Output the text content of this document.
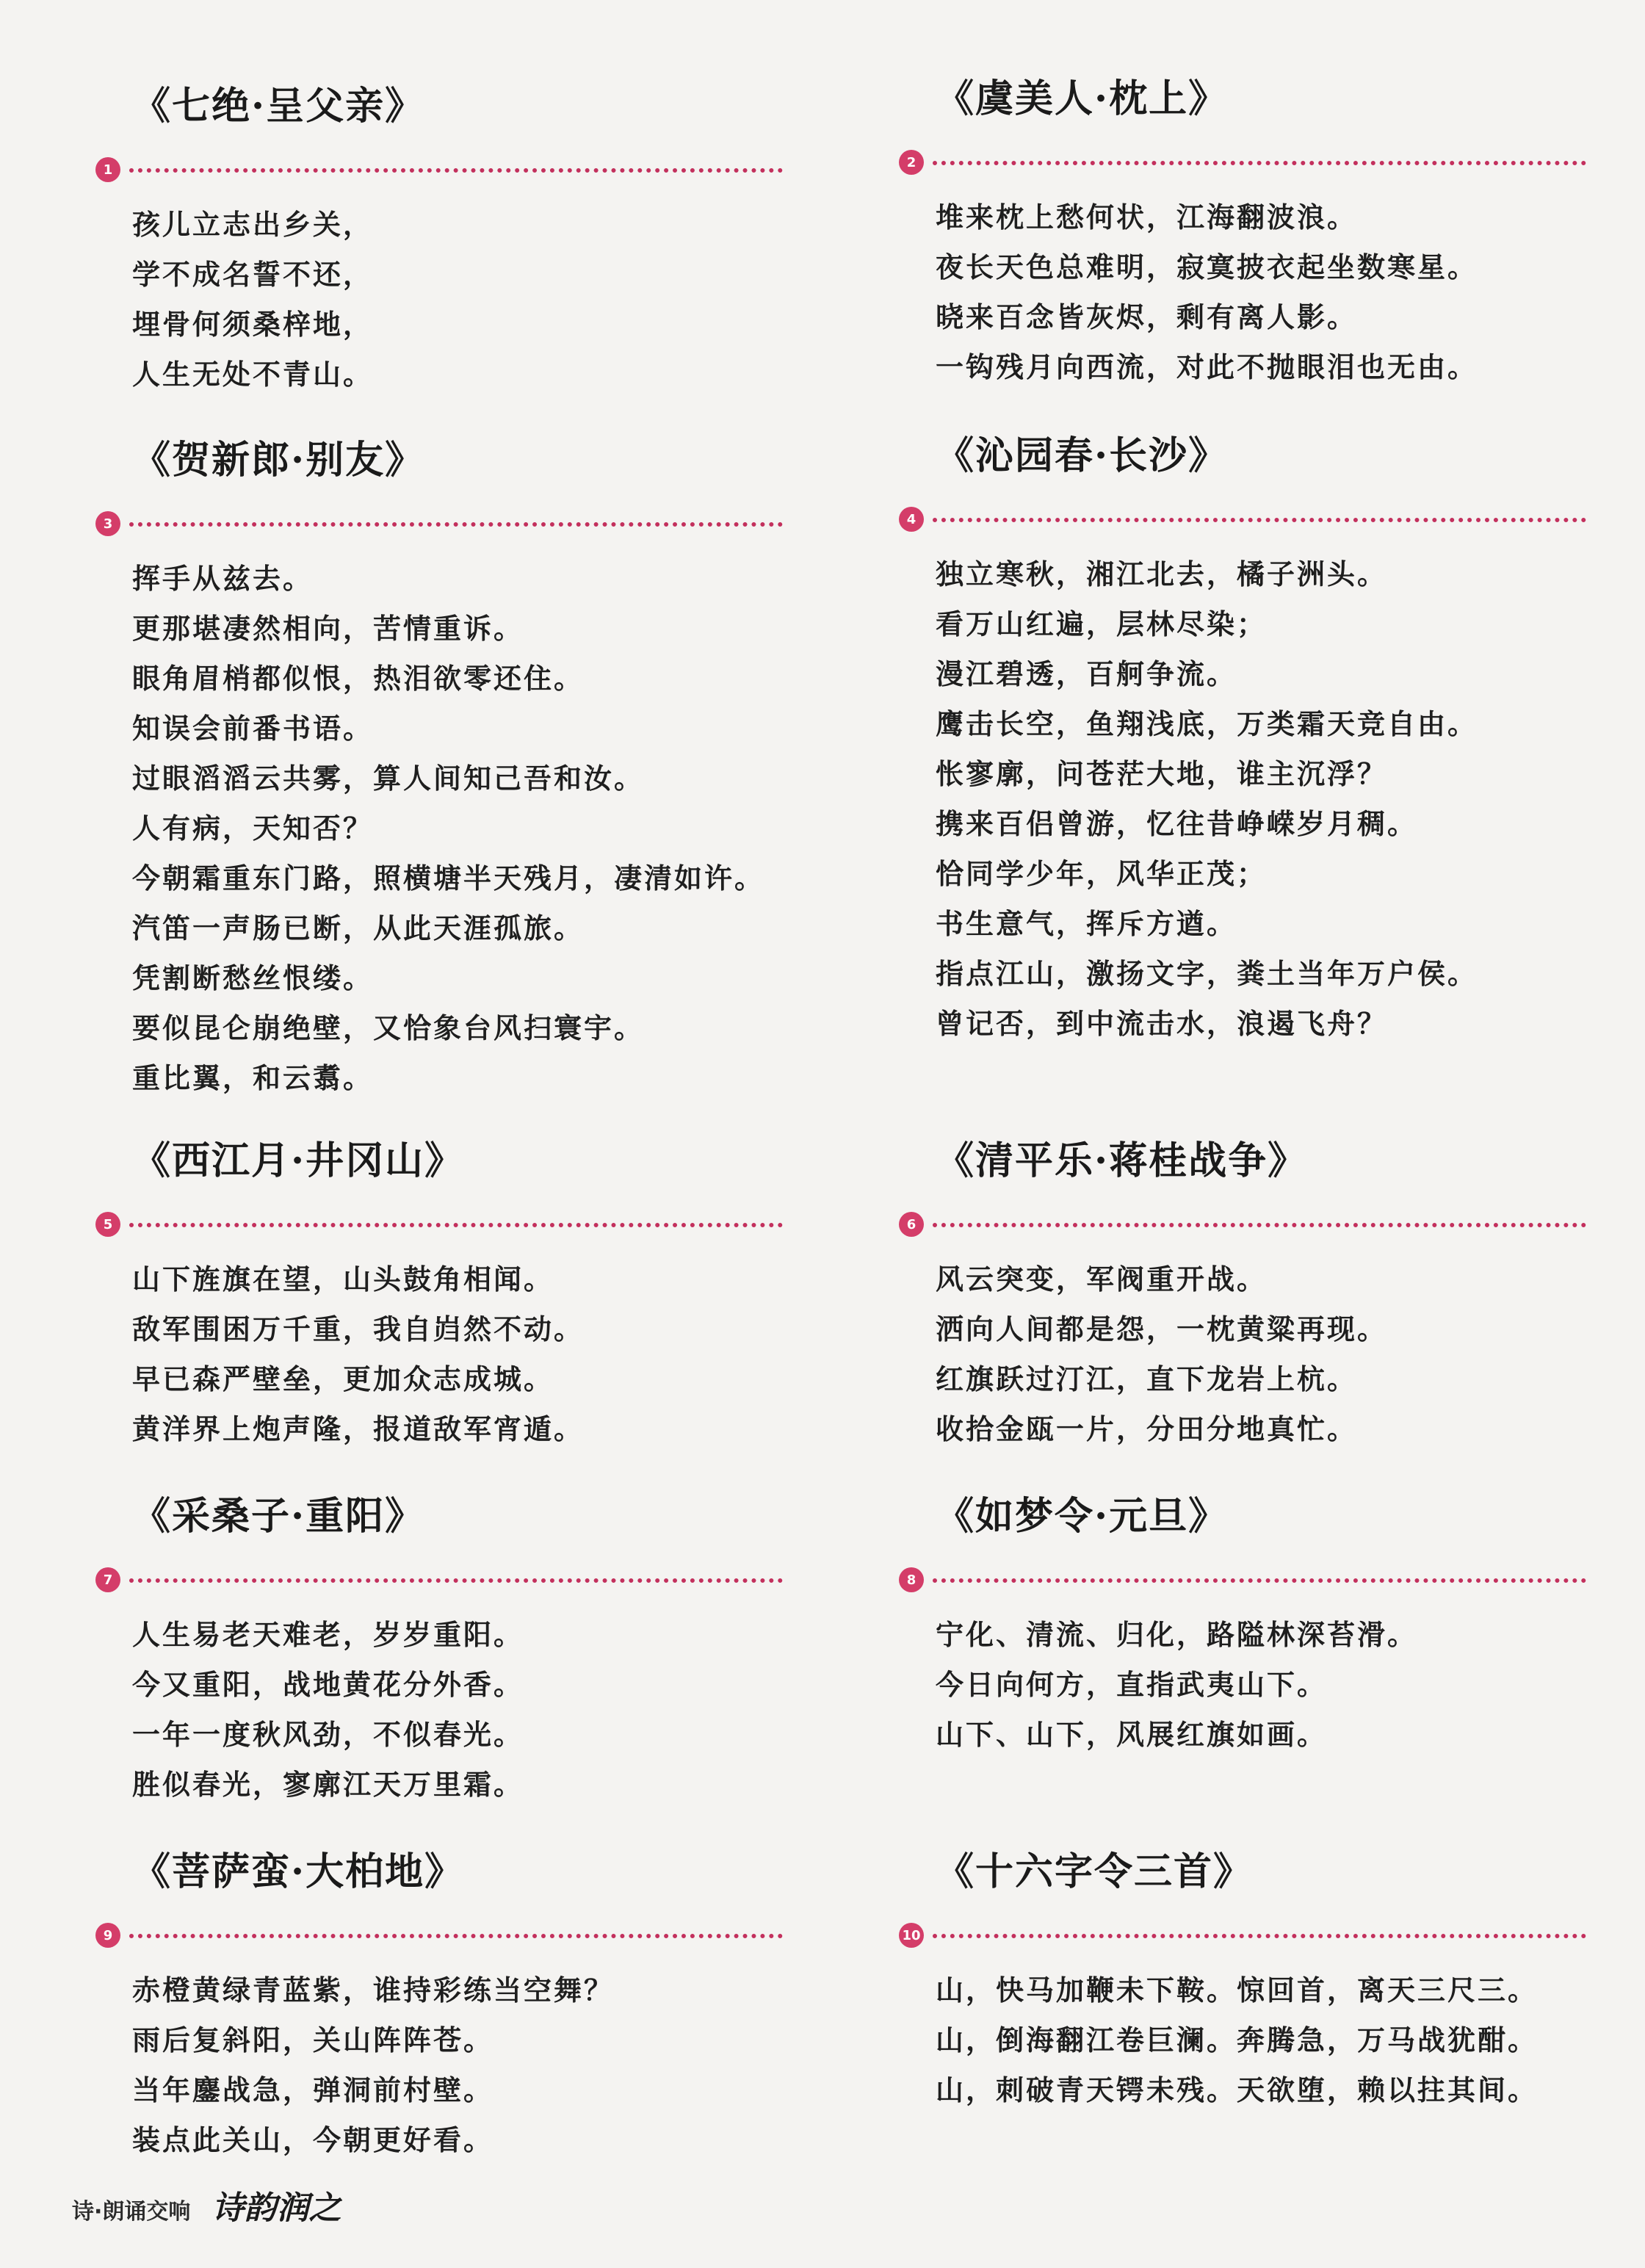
《七绝·呈父亲》
1
孩儿立志出乡关，
学不成名誓不还，
埋骨何须桑梓地，
人生无处不青山。
《虞美人·枕上》
2
堆来枕上愁何状，江海翻波浪。
夜长天色总难明，寂寞披衣起坐数寒星。
晓来百念皆灰烬，剩有离人影。
一钩残月向西流，对此不抛眼泪也无由。
《贺新郎·别友》
3
挥手从兹去。
更那堪凄然相向，苦情重诉。
眼角眉梢都似恨，热泪欲零还住。
知误会前番书语。
过眼滔滔云共雾，算人间知己吾和汝。
人有病，天知否？
今朝霜重东门路，照横塘半天残月，凄清如许。
汽笛一声肠已断，从此天涯孤旅。
凭割断愁丝恨缕。
要似昆仑崩绝壁，又恰象台风扫寰宇。
重比翼，和云翥。
《沁园春·长沙》
4
独立寒秋，湘江北去，橘子洲头。
看万山红遍，层林尽染；
漫江碧透，百舸争流。
鹰击长空，鱼翔浅底，万类霜天竞自由。
怅寥廓，问苍茫大地，谁主沉浮？
携来百侣曾游，忆往昔峥嵘岁月稠。
恰同学少年，风华正茂；
书生意气，挥斥方遒。
指点江山，激扬文字，粪土当年万户侯。
曾记否，到中流击水，浪遏飞舟？
《西江月·井冈山》
5
山下旌旗在望，山头鼓角相闻。
敌军围困万千重，我自岿然不动。
早已森严壁垒，更加众志成城。
黄洋界上炮声隆，报道敌军宵遁。
《清平乐·蒋桂战争》
6
风云突变，军阀重开战。
洒向人间都是怨，一枕黄粱再现。
红旗跃过汀江，直下龙岩上杭。
收拾金瓯一片，分田分地真忙。
《采桑子·重阳》
7
人生易老天难老，岁岁重阳。
今又重阳，战地黄花分外香。
一年一度秋风劲，不似春光。
胜似春光，寥廓江天万里霜。
《如梦令·元旦》
8
宁化、清流、归化，路隘林深苔滑。
今日向何方，直指武夷山下。
山下、山下，风展红旗如画。
《菩萨蛮·大柏地》
9
赤橙黄绿青蓝紫，谁持彩练当空舞？
雨后复斜阳，关山阵阵苍。
当年鏖战急，弹洞前村壁。
装点此关山，今朝更好看。
《十六字令三首》
10
山，快马加鞭未下鞍。惊回首，离天三尺三。
山，倒海翻江卷巨澜。奔腾急，万马战犹酣。
山，刺破青天锷未残。天欲堕，赖以拄其间。
诗·朗诵交响 诗韵润之
